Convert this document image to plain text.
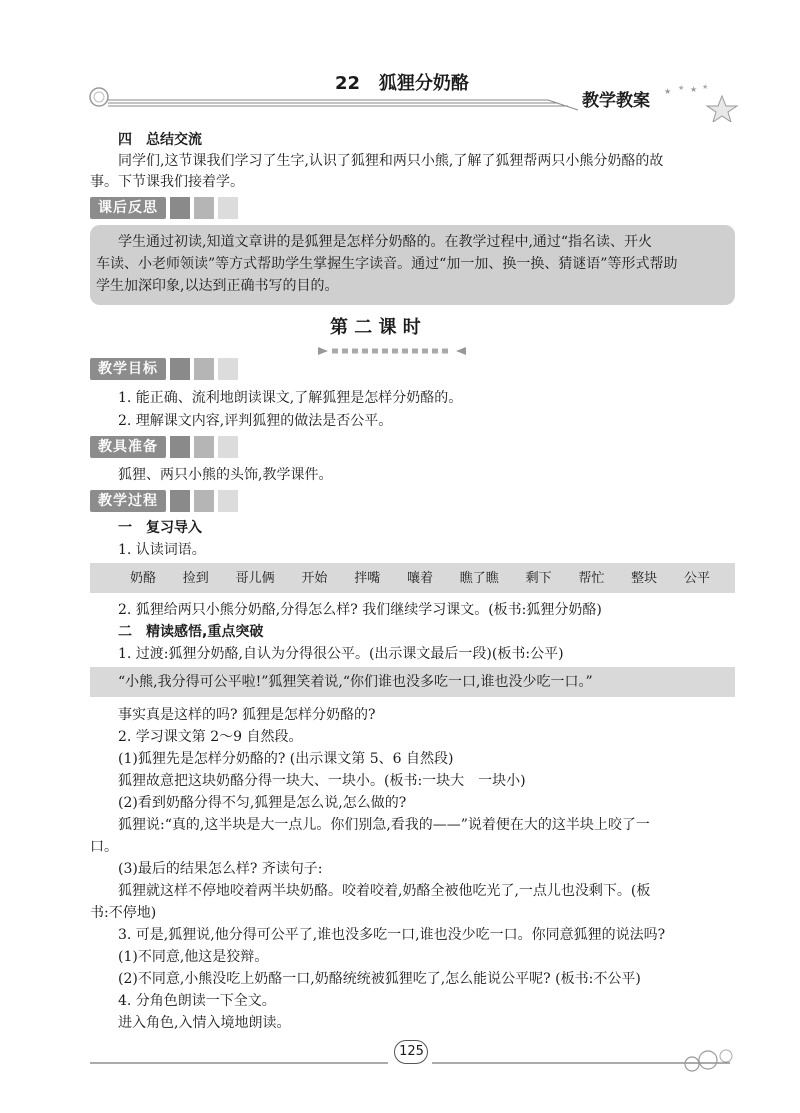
22 狐狸分奶酪
教学教案 ★ ★ ★ ★
四　总结交流
同学们,这节课我们学习了生字,认识了狐狸和两只小熊,了解了狐狸帮两只小熊分奶酪的故
事。下节课我们接着学。
课后反思
学生通过初读,知道文章讲的是狐狸是怎样分奶酪的。在教学过程中,通过“指名读、开火
车读、小老师领读”等方式帮助学生掌握生字读音。通过“加一加、换一换、猜谜语”等形式帮助
学生加深印象,以达到正确书写的目的。
第 二 课 时
教学目标
1. 能正确、流利地朗读课文,了解狐狸是怎样分奶酪的。
2. 理解课文内容,评判狐狸的做法是否公平。
教具准备
狐狸、两只小熊的头饰,教学课件。
教学过程
一　复习导入
1. 认读词语。
奶酪 捡到 哥儿俩 开始 拌嘴 嚷着 瞧了瞧 剩下 帮忙 整块 公平
2. 狐狸给两只小熊分奶酪,分得怎么样? 我们继续学习课文。(板书:狐狸分奶酪)
二　精读感悟,重点突破
1. 过渡:狐狸分奶酪,自认为分得很公平。(出示课文最后一段)(板书:公平)
“小熊,我分得可公平啦!”狐狸笑着说,“你们谁也没多吃一口,谁也没少吃一口。”
事实真是这样的吗? 狐狸是怎样分奶酪的?
2. 学习课文第 2～9 自然段。
(1)狐狸先是怎样分奶酪的? (出示课文第 5、6 自然段)
狐狸故意把这块奶酪分得一块大、一块小。(板书:一块大　一块小)
(2)看到奶酪分得不匀,狐狸是怎么说,怎么做的?
狐狸说:“真的,这半块是大一点儿。你们别急,看我的——”说着便在大的这半块上咬了一
口。
(3)最后的结果怎么样? 齐读句子:
狐狸就这样不停地咬着两半块奶酪。咬着咬着,奶酪全被他吃光了,一点儿也没剩下。(板
书:不停地)
3. 可是,狐狸说,他分得可公平了,谁也没多吃一口,谁也没少吃一口。你同意狐狸的说法吗?
(1)不同意,他这是狡辩。
(2)不同意,小熊没吃上奶酪一口,奶酪统统被狐狸吃了,怎么能说公平呢? (板书:不公平)
4. 分角色朗读一下全文。
进入角色,入情入境地朗读。
125
